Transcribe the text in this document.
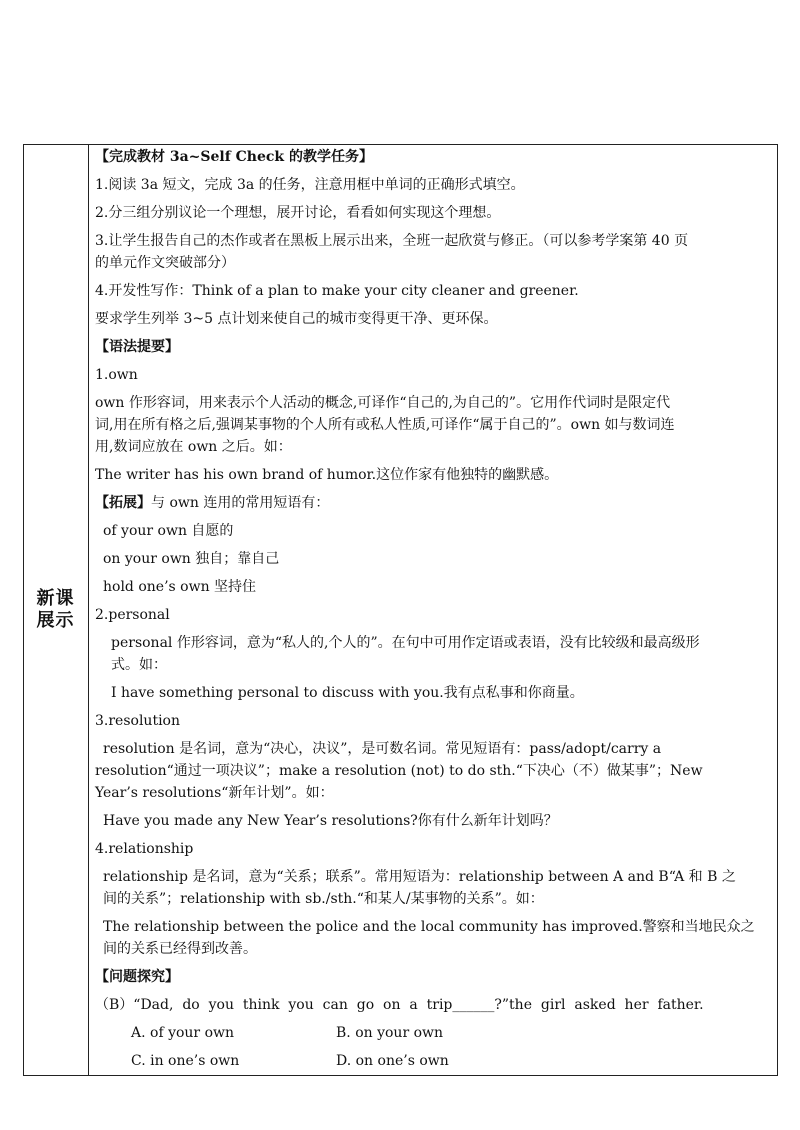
新课
展示
【完成教材 3a~Self Check 的教学任务】
1.阅读 3a 短文，完成 3a 的任务，注意用框中单词的正确形式填空。
2.分三组分别议论一个理想，展开讨论，看看如何实现这个理想。
3.让学生报告自己的杰作或者在黑板上展示出来，全班一起欣赏与修正。（可以参考学案第 40 页
的单元作文突破部分）
4.开发性写作：Think of a plan to make your city cleaner and greener.
要求学生列举 3~5 点计划来使自己的城市变得更干净、更环保。
【语法提要】
1.own
own 作形容词，用来表示个人活动的概念,可译作“自己的,为自己的”。它用作代词时是限定代
词,用在所有格之后,强调某事物的个人所有或私人性质,可译作“属于自己的”。own 如与数词连
用,数词应放在 own 之后。如：
The writer has his own brand of humor.这位作家有他独特的幽默感。
【拓展】与 own 连用的常用短语有：
of your own 自愿的
on your own 独自；靠自己
hold one’s own 坚持住
2.personal
personal 作形容词，意为“私人的,个人的”。在句中可用作定语或表语，没有比较级和最高级形
式。如：
I have something personal to discuss with you.我有点私事和你商量。
3.resolution
resolution 是名词，意为“决心，决议”，是可数名词。常见短语有：pass/adopt/carry a
resolution“通过一项决议”；make a resolution (not) to do sth.“下决心（不）做某事”；New
Year’s resolutions“新年计划”。如：
Have you made any New Year’s resolutions?你有什么新年计划吗？
4.relationship
relationship 是名词，意为“关系；联系”。常用短语为：relationship between A and B“A 和 B 之
间的关系”；relationship with sb./sth.“和某人/某事物的关系”。如：
The relationship between the police and the local community has improved.警察和当地民众之
间的关系已经得到改善。
【问题探究】
（B）“Dad,  do  you  think  you  can  go  on  a  trip______?”the  girl  asked  her  father.
A. of your own	B. on your own
C. in one’s own	D. on one’s own
